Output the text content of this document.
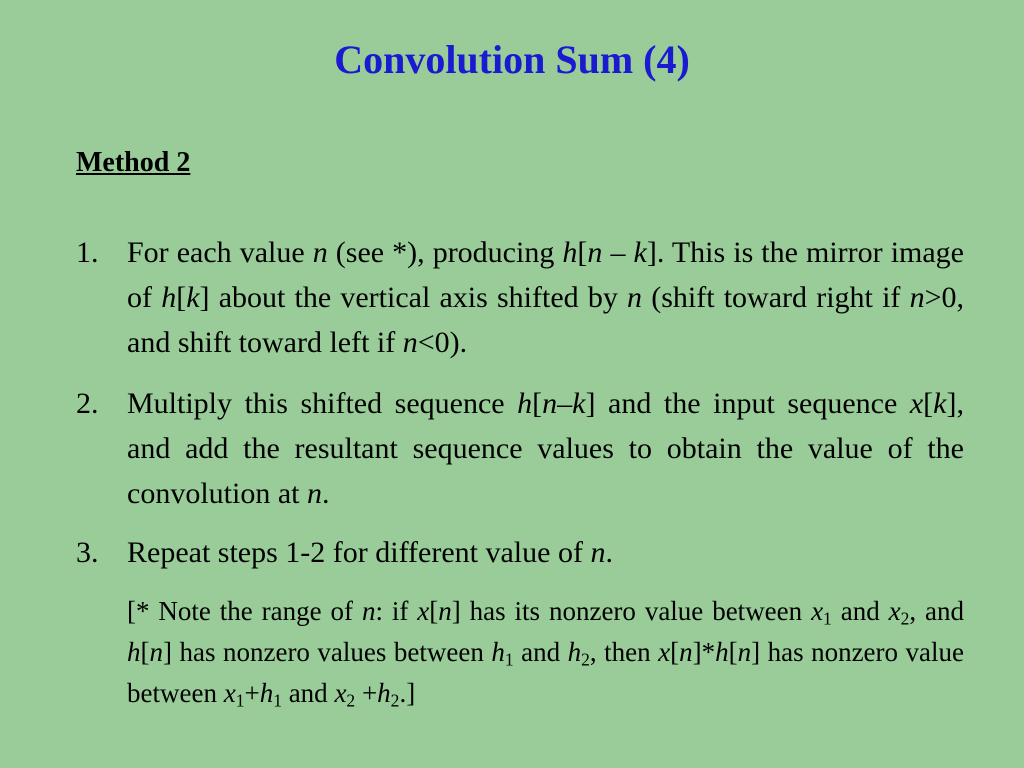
Convolution Sum (4)
Method 2
1. For each value n (see *), producing h[n – k]. This is the mirror image of h[k] about the vertical axis shifted by n (shift toward right if n>0, and shift toward left if n<0).
2. Multiply this shifted sequence h[n–k] and the input sequence x[k], and add the resultant sequence values to obtain the value of the convolution at n.
3. Repeat steps 1-2 for different value of n.
[* Note the range of n: if x[n] has its nonzero value between $x_1$ and $x_2$, and h[n] has nonzero values between $h_1$ and $h_2$, then x[n]*h[n] has nonzero value between $x_1+h_1$ and $x_2 +h_2$.]
